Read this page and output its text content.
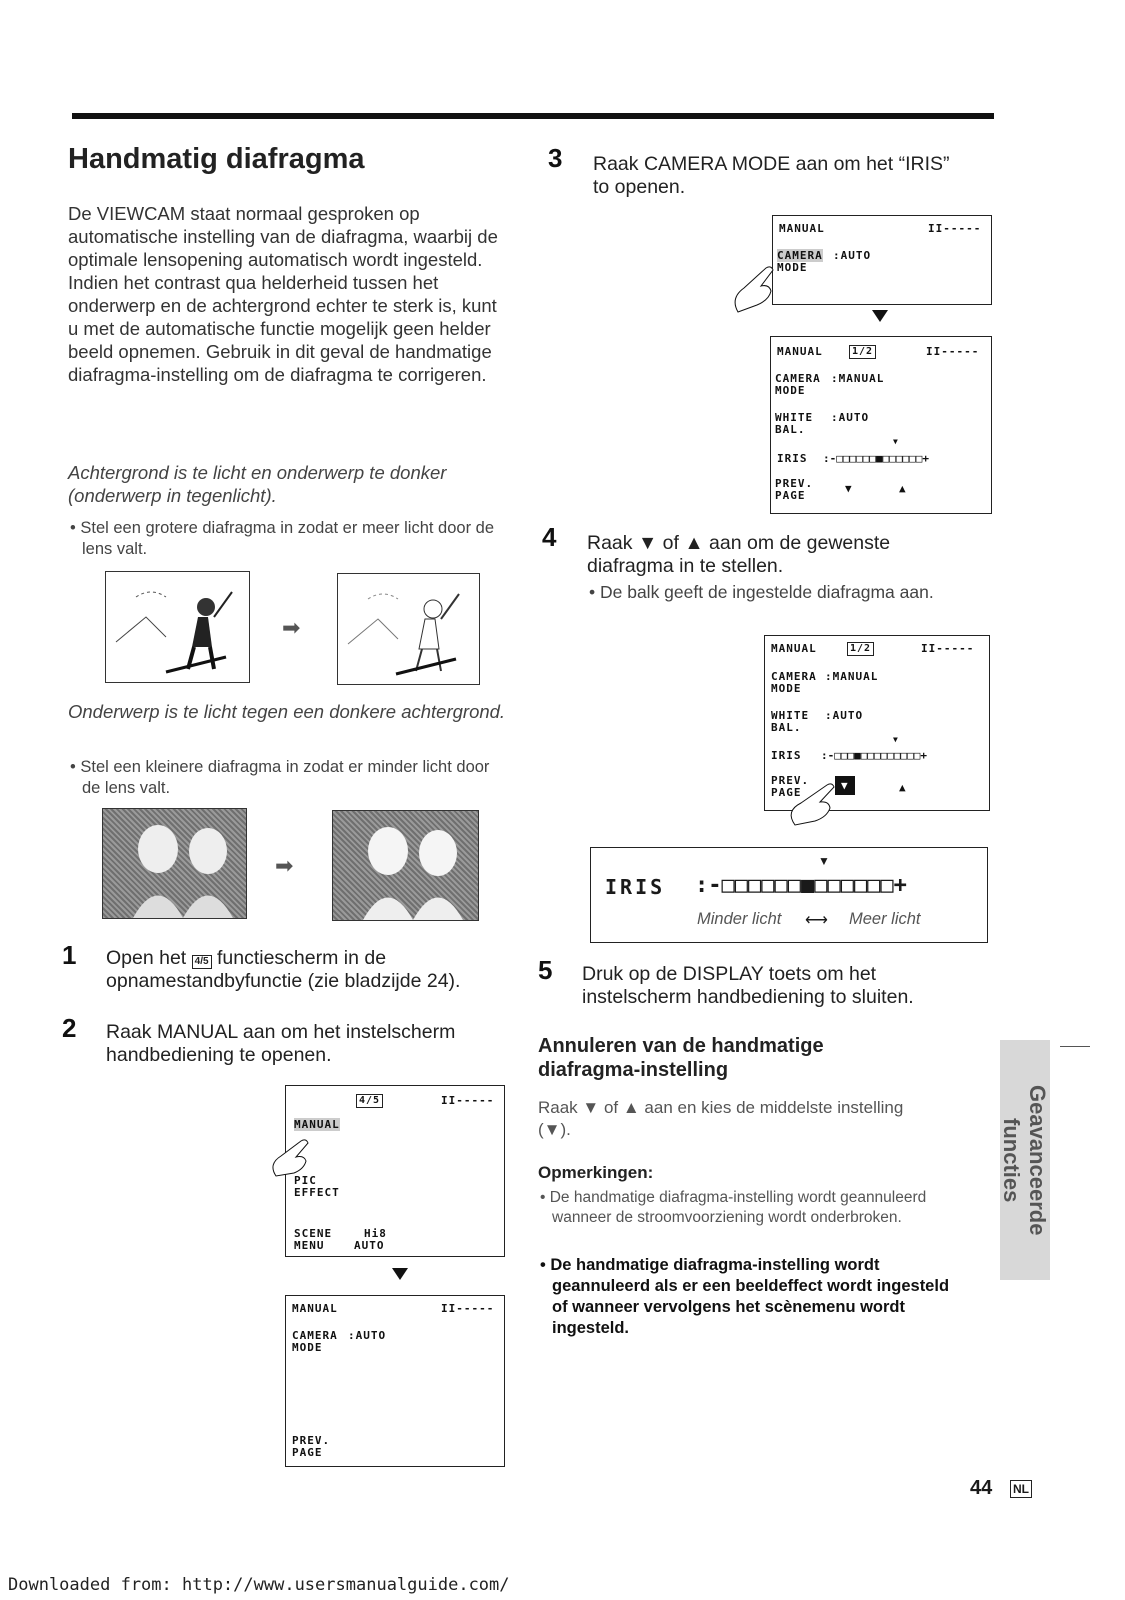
Handmatig diafragma
De VIEWCAM staat normaal gesproken op automatische instelling van de diafragma, waarbij de optimale lensopening automatisch wordt ingesteld. Indien het contrast qua helderheid tussen het onderwerp en de achtergrond echter te sterk is, kunt u met de automatische functie mogelijk geen helder beeld opnemen. Gebruik in dit geval de handmatige diafragma-instelling om de diafragma te corrigeren.
Achtergrond is te licht en onderwerp te donker (onderwerp in tegenlicht).
• Stel een grotere diafragma in zodat er meer licht door de lens valt.
➡
Onderwerp is te licht tegen een donkere achtergrond.
• Stel een kleinere diafragma in zodat er minder licht door de lens valt.
➡
1 Open het 4/5 functiescherm in de opnamestandbyfunctie (zie bladzijde 24).
2 Raak MANUAL aan om het instelscherm handbediening te openen.
4/5	II-----
MANUAL
PIC
EFFECT
SCENE
MENU
Hi8
AUTO
MANUAL	II-----
CAMERA
MODE
:AUTO
PREV.
PAGE
3 Raak CAMERA MODE aan om het “IRIS” to openen.
MANUAL	II-----
CAMERA
MODE
:AUTO
MANUAL	1/2	II-----
CAMERA
MODE
:MANUAL
WHITE
BAL.
:AUTO
▼
IRIS :-□□□□□□■□□□□□□+
PREV.
PAGE
▼	▲
4 Raak ▼ of ▲ aan om de gewenste diafragma in te stellen.
• De balk geeft de ingestelde diafragma aan.
MANUAL	1/2	II-----
CAMERA :MANUAL
MODE
WHITE :AUTO
BAL.
▼
IRIS :-□□□■□□□□□□□□□+
PREV.
PAGE
▼	▲
▼
IRIS :-□□□□□□■□□□□□□+
Minder licht ⟷ Meer licht
5 Druk op de DISPLAY toets om het instelscherm handbediening to sluiten.
Annuleren van de handmatige diafragma-instelling
Raak ▼ of ▲ aan en kies de middelste instelling (▼).
Opmerkingen:
• De handmatige diafragma-instelling wordt geannuleerd wanneer de stroomvoorziening wordt onderbroken.
• De handmatige diafragma-instelling wordt geannuleerd als er een beeldeffect wordt ingesteld of wanneer vervolgens het scènemenu wordt ingesteld.
Geavanceerde functies
44 NL
Downloaded from: http://www.usersmanualguide.com/
